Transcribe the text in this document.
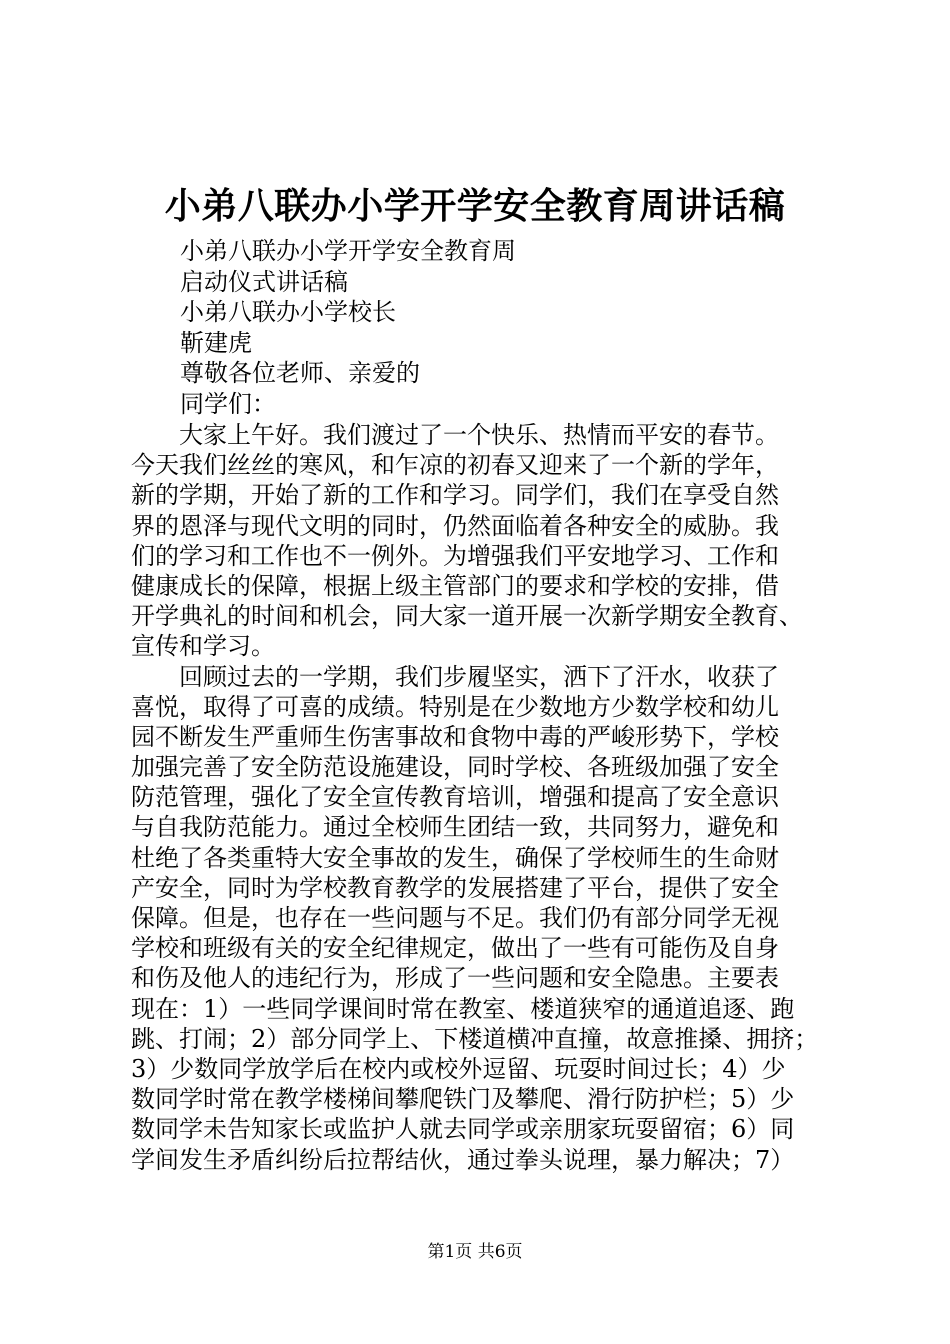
小弟八联办小学开学安全教育周讲话稿
小弟八联办小学开学安全教育周
启动仪式讲话稿
小弟八联办小学校长
靳建虎
尊敬各位老师、亲爱的
同学们：
大家上午好。我们渡过了一个快乐、热情而平安的春节。
今天我们丝丝的寒风，和乍凉的初春又迎来了一个新的学年，
新的学期，开始了新的工作和学习。同学们，我们在享受自然
界的恩泽与现代文明的同时，仍然面临着各种安全的威胁。我
们的学习和工作也不一例外。为增强我们平安地学习、工作和
健康成长的保障，根据上级主管部门的要求和学校的安排，借
开学典礼的时间和机会，同大家一道开展一次新学期安全教育、
宣传和学习。
回顾过去的一学期，我们步履坚实，洒下了汗水，收获了
喜悦，取得了可喜的成绩。特别是在少数地方少数学校和幼儿
园不断发生严重师生伤害事故和食物中毒的严峻形势下，学校
加强完善了安全防范设施建设，同时学校、各班级加强了安全
防范管理，强化了安全宣传教育培训，增强和提高了安全意识
与自我防范能力。通过全校师生团结一致，共同努力，避免和
杜绝了各类重特大安全事故的发生，确保了学校师生的生命财
产安全，同时为学校教育教学的发展搭建了平台，提供了安全
保障。但是，也存在一些问题与不足。我们仍有部分同学无视
学校和班级有关的安全纪律规定，做出了一些有可能伤及自身
和伤及他人的违纪行为，形成了一些问题和安全隐患。主要表
现在：1）一些同学课间时常在教室、楼道狭窄的通道追逐、跑
跳、打闹；2）部分同学上、下楼道横冲直撞，故意推搡、拥挤；
3）少数同学放学后在校内或校外逗留、玩耍时间过长；4）少
数同学时常在教学楼梯间攀爬铁门及攀爬、滑行防护栏；5）少
数同学未告知家长或监护人就去同学或亲朋家玩耍留宿；6）同
学间发生矛盾纠纷后拉帮结伙，通过拳头说理，暴力解决；7）
第1页 共6页
